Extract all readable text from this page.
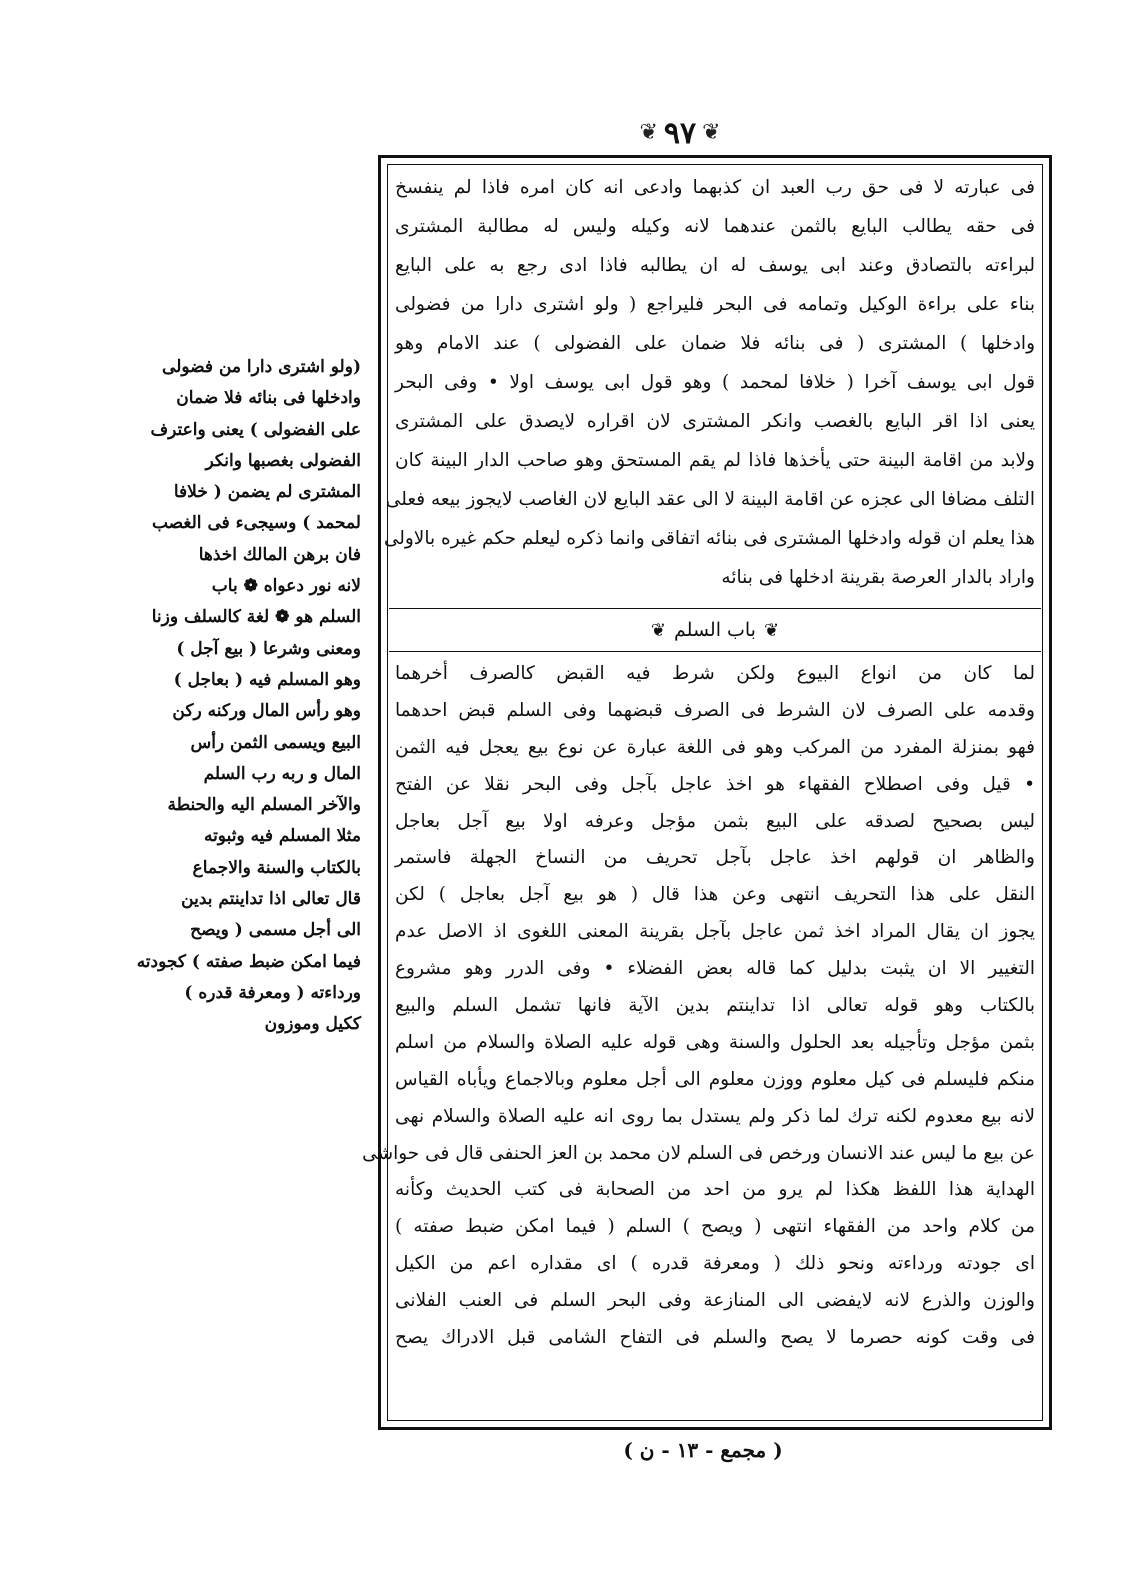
❦ ٩٧ ❦
فى عبارته لا فى حق رب العبد ان كذبهما وادعى انه كان امره فاذا لم ينفسخ
فى حقه يطالب البايع بالثمن عندهما لانه وكيله وليس له مطالبة المشترى
لبراءته بالتصادق وعند ابى يوسف له ان يطالبه فاذا ادى رجع به على البايع
بناء على براءة الوكيل وتمامه فى البحر فليراجع ( ولو اشترى دارا من فضولى
وادخلها ) المشترى ( فى بنائه فلا ضمان على الفضولى ) عند الامام وهو
قول ابى يوسف آخرا ( خلافا لمحمد ) وهو قول ابى يوسف اولا • وفى البحر
يعنى اذا اقر البايع بالغصب وانكر المشترى لان اقراره لايصدق على المشترى
ولابد من اقامة البينة حتى يأخذها فاذا لم يقم المستحق وهو صاحب الدار البينة كان
التلف مضافا الى عجزه عن اقامة البينة لا الى عقد البايع لان الغاصب لايجوز بيعه فعلى
هذا يعلم ان قوله وادخلها المشترى فى بنائه اتفاقى وانما ذكره ليعلم حكم غيره بالاولى
واراد بالدار العرصة بقرينة ادخلها فى بنائه
❦
باب السلم
❦
لما كان من انواع البيوع ولكن شرط فيه القبض كالصرف أخرهما
وقدمه على الصرف لان الشرط فى الصرف قبضهما وفى السلم قبض احدهما
فهو بمنزلة المفرد من المركب وهو فى اللغة عبارة عن نوع بيع يعجل فيه الثمن
• قيل وفى اصطلاح الفقهاء هو اخذ عاجل بآجل وفى البحر نقلا عن الفتح
ليس بصحيح لصدقه على البيع بثمن مؤجل وعرفه اولا بيع آجل بعاجل
والظاهر ان قولهم اخذ عاجل بآجل تحريف من النساخ الجهلة فاستمر
النقل على هذا التحريف انتهى وعن هذا قال ( هو بيع آجل بعاجل ) لكن
يجوز ان يقال المراد اخذ ثمن عاجل بآجل بقرينة المعنى اللغوى اذ الاصل عدم
التغيير الا ان يثبت بدليل كما قاله بعض الفضلاء • وفى الدرر وهو مشروع
بالكتاب وهو قوله تعالى اذا تداينتم بدين الآية فانها تشمل السلم والبيع
بثمن مؤجل وتأجيله بعد الحلول والسنة وهى قوله عليه الصلاة والسلام من اسلم
منكم فليسلم فى كيل معلوم ووزن معلوم الى أجل معلوم وبالاجماع ويأباه القياس
لانه بيع معدوم لكنه ترك لما ذكر ولم يستدل بما روى انه عليه الصلاة والسلام نهى
عن بيع ما ليس عند الانسان ورخص فى السلم لان محمد بن العز الحنفى قال فى حواشى
الهداية هذا اللفظ هكذا لم يرو من احد من الصحابة فى كتب الحديث وكأنه
من كلام واحد من الفقهاء انتهى ( ويصح ) السلم ( فيما امكن ضبط صفته )
اى جودته ورداءته ونحو ذلك ( ومعرفة قدره ) اى مقداره اعم من الكيل
والوزن والذرع لانه لايفضى الى المنازعة وفى البحر السلم فى العنب الفلانى
فى وقت كونه حصرما لا يصح والسلم فى التفاح الشامى قبل الادراك يصح
(ولو اشترى دارا من فضولى
وادخلها فى بنائه فلا ضمان
على الفضولى ) يعنى واعترف
الفضولى بغصبها وانكر
المشترى لم يضمن ( خلافا
لمحمد ) وسيجىء فى الغصب
فان برهن المالك اخذها
لانه نور دعواه ❁ باب
السلم هو ❁ لغة كالسلف وزنا
ومعنى وشرعا ( بيع آجل )
وهو المسلم فيه ( بعاجل )
وهو رأس المال وركنه ركن
البيع ويسمى الثمن رأس
المال و ربه رب السلم
والآخر المسلم اليه والحنطة
مثلا المسلم فيه وثبوته
بالكتاب والسنة والاجماع
قال تعالى اذا تداينتم بدين
الى أجل مسمى ( ويصح
فيما امكن ضبط صفته ) كجودته
ورداءته ( ومعرفة قدره )
ككيل وموزون
( مجمع - ١٣ - ن )
